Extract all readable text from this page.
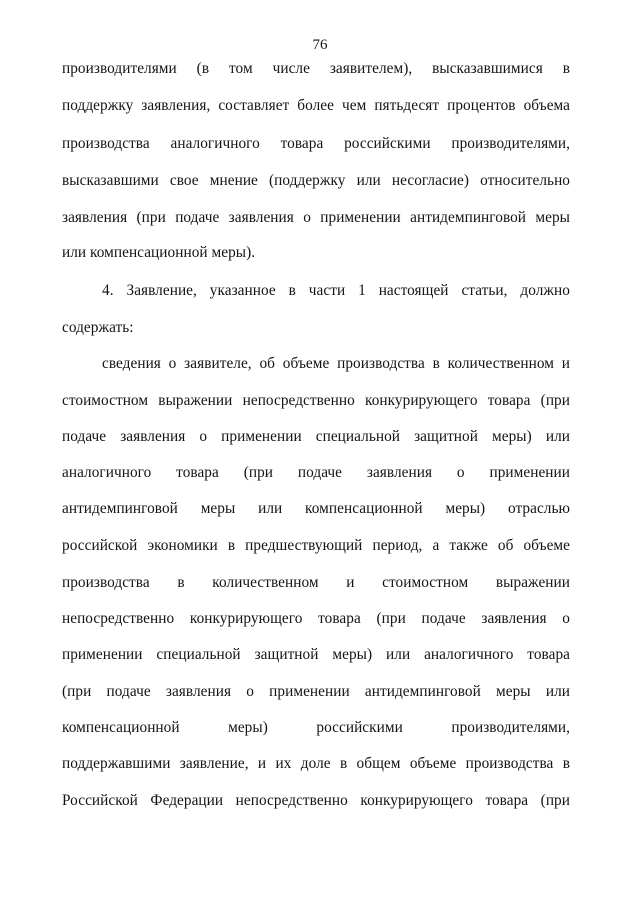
76
производителями (в том числе заявителем), высказавшимися в
поддержку заявления, составляет более чем пятьдесят процентов объема
производства аналогичного товара российскими производителями,
высказавшими свое мнение (поддержку или несогласие) относительно
заявления (при подаче заявления о применении антидемпинговой меры
или компенсационной меры).
4. Заявление, указанное в части 1 настоящей статьи, должно
содержать:
сведения о заявителе, об объеме производства в количественном и
стоимостном выражении непосредственно конкурирующего товара (при
подаче заявления о применении специальной защитной меры) или
аналогичного товара (при подаче заявления о применении
антидемпинговой меры или компенсационной меры) отраслью
российской экономики в предшествующий период, а также об объеме
производства в количественном и стоимостном выражении
непосредственно конкурирующего товара (при подаче заявления о
применении специальной защитной меры) или аналогичного товара
(при подаче заявления о применении антидемпинговой меры или
компенсационной меры) российскими производителями,
поддержавшими заявление, и их доле в общем объеме производства в
Российской Федерации непосредственно конкурирующего товара (при
